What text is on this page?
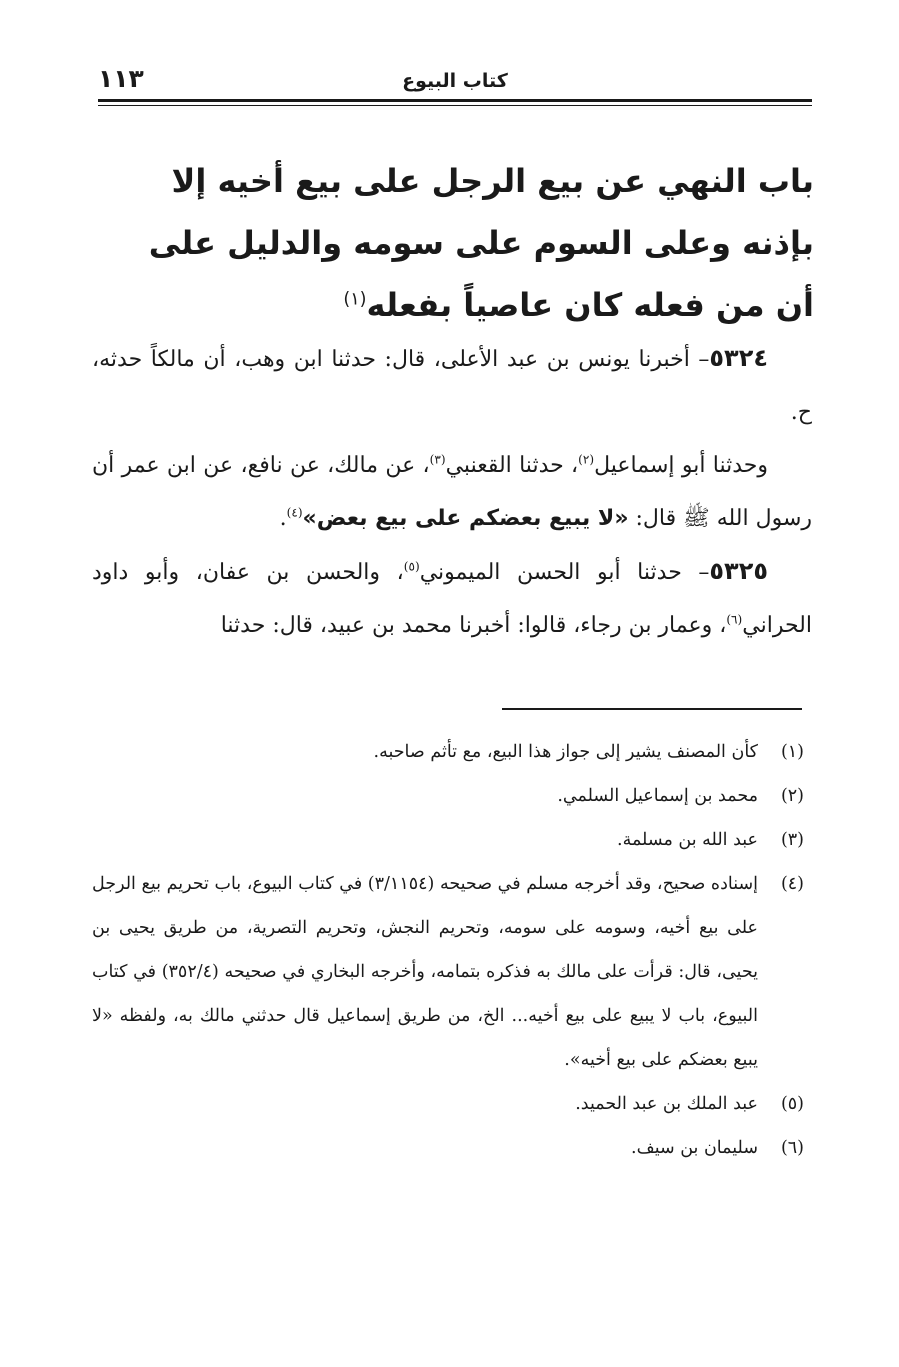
١١٣	كتاب البيوع
باب النهي عن بيع الرجل على بيع أخيه إلا بإذنه وعلى السوم على سومه والدليل على أن من فعله كان عاصياً بفعله$^{(١)}$

٥٣٢٤– أخبرنا يونس بن عبد الأعلى، قال: حدثنا ابن وهب، أن مالكاً حدثه، ح.

وحدثنا أبو إسماعيل$^{(٢)}$، حدثنا القعنبي$^{(٣)}$، عن مالك، عن نافع، عن ابن عمر أن رسول الله ﷺ قال: «لا يبيع بعضكم على بيع بعض»$^{(٤)}$.

٥٣٢٥– حدثنا أبو الحسن الميموني$^{(٥)}$، والحسن بن عفان، وأبو داود الحراني$^{(٦)}$، وعمار بن رجاء، قالوا: أخبرنا محمد بن عبيد، قال: حدثنا

(١)
كأن المصنف يشير إلى جواز هذا البيع، مع تأثم صاحبه.

(٢)
محمد بن إسماعيل السلمي.

(٣)
عبد الله بن مسلمة.

(٤)
إسناده صحيح، وقد أخرجه مسلم في صحيحه (٣/١١٥٤) في كتاب البيوع، باب تحريم بيع الرجل على بيع أخيه، وسومه على سومه، وتحريم النجش، وتحريم التصرية، من طريق يحيى بن يحيى، قال: قرأت على مالك به فذكره بتمامه، وأخرجه البخاري في صحيحه (٣٥٢/٤) في كتاب البيوع، باب لا يبيع على بيع أخيه... الخ، من طريق إسماعيل قال حدثني مالك به، ولفظه «لا يبيع بعضكم على بيع أخيه».

(٥)
عبد الملك بن عبد الحميد.

(٦)
سليمان بن سيف.
